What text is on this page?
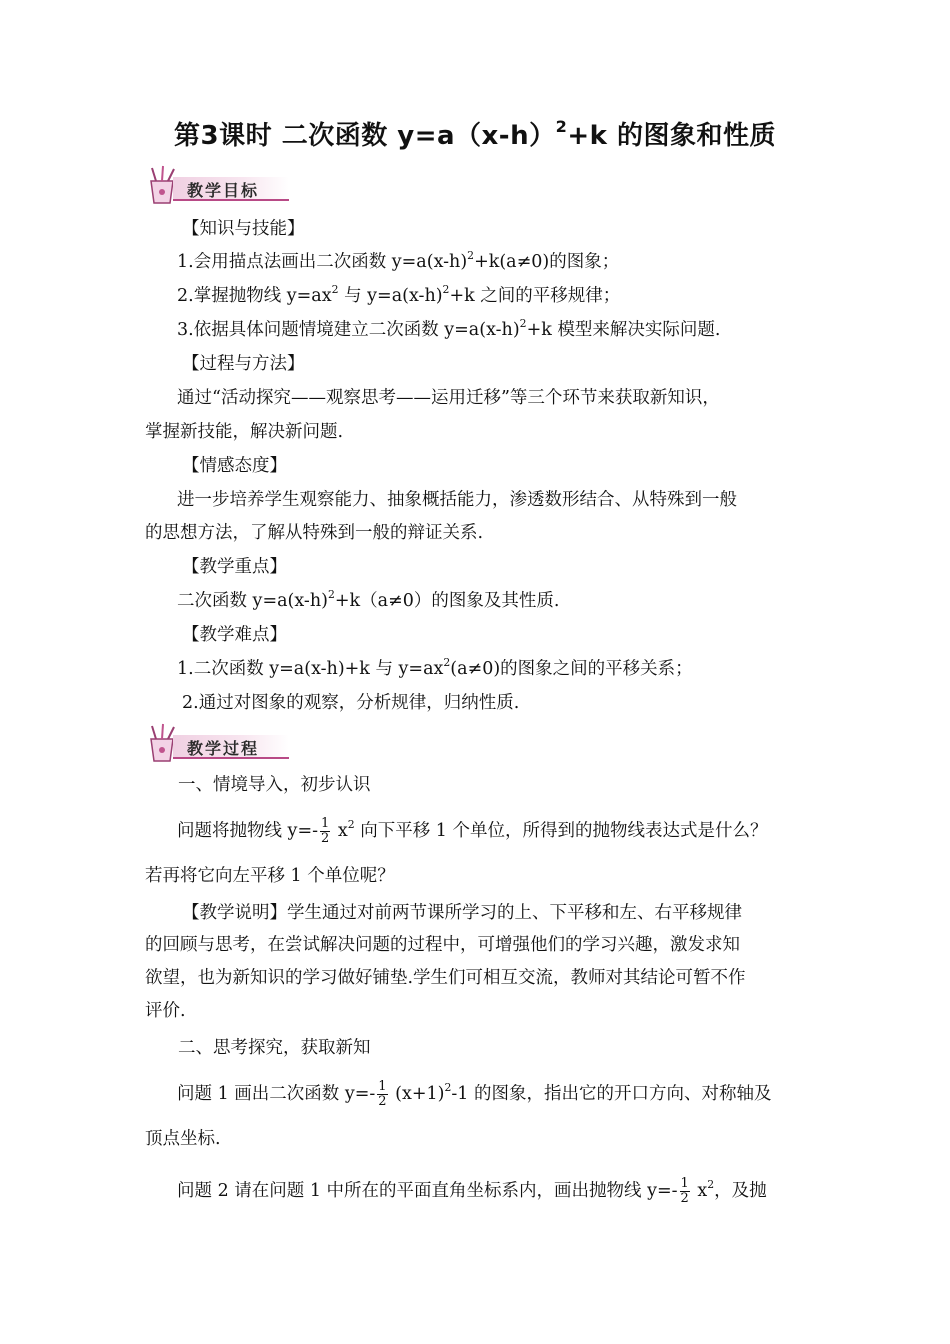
第3课时 二次函数 $y=a(x-h)^2+k$ 的图象和性质
教学目标
【知识与技能】
1.会用描点法画出二次函数 $y=a(x-h)^2+k(a\ne 0)$的图象；
2.掌握抛物线 $y=ax^2$ 与 $y=a(x-h)^2+k$ 之间的平移规律；
3.依据具体问题情境建立二次函数 $y=a(x-h)^2+k$ 模型来解决实际问题.
【过程与方法】
通过“活动探究——观察思考——运用迁移”等三个环节来获取新知识，
掌握新技能，解决新问题.
【情感态度】
进一步培养学生观察能力、抽象概括能力，渗透数形结合、从特殊到一般
的思想方法，了解从特殊到一般的辩证关系.
【教学重点】
二次函数 $y=a(x-h)^2+k(a\ne 0)$的图象及其性质.
【教学难点】
1.二次函数 y=a(x-h)+k 与 $y=ax^2(a\ne 0)$的图象之间的平移关系；
2.通过对图象的观察，分析规律，归纳性质.
教学过程
一、情境导入，初步认识
问题将抛物线 $y=- \frac{1}{2} x^2$ 向下平移 1 个单位，所得到的抛物线表达式是什么？
若再将它向左平移 1 个单位呢？
【教学说明】学生通过对前两节课所学习的上、下平移和左、右平移规律
的回顾与思考，在尝试解决问题的过程中，可增强他们的学习兴趣，激发求知
欲望，也为新知识的学习做好铺垫.学生们可相互交流，教师对其结论可暂不作
评价.
二、思考探究，获取新知
问题 1 画出二次函数 $y=- \frac{1}{2} (x+1)^2-1$ 的图象，指出它的开口方向、对称轴及
顶点坐标.
问题 2 请在问题 1 中所在的平面直角坐标系内，画出抛物线 $y=- \frac{1}{2} x^2$，及抛
